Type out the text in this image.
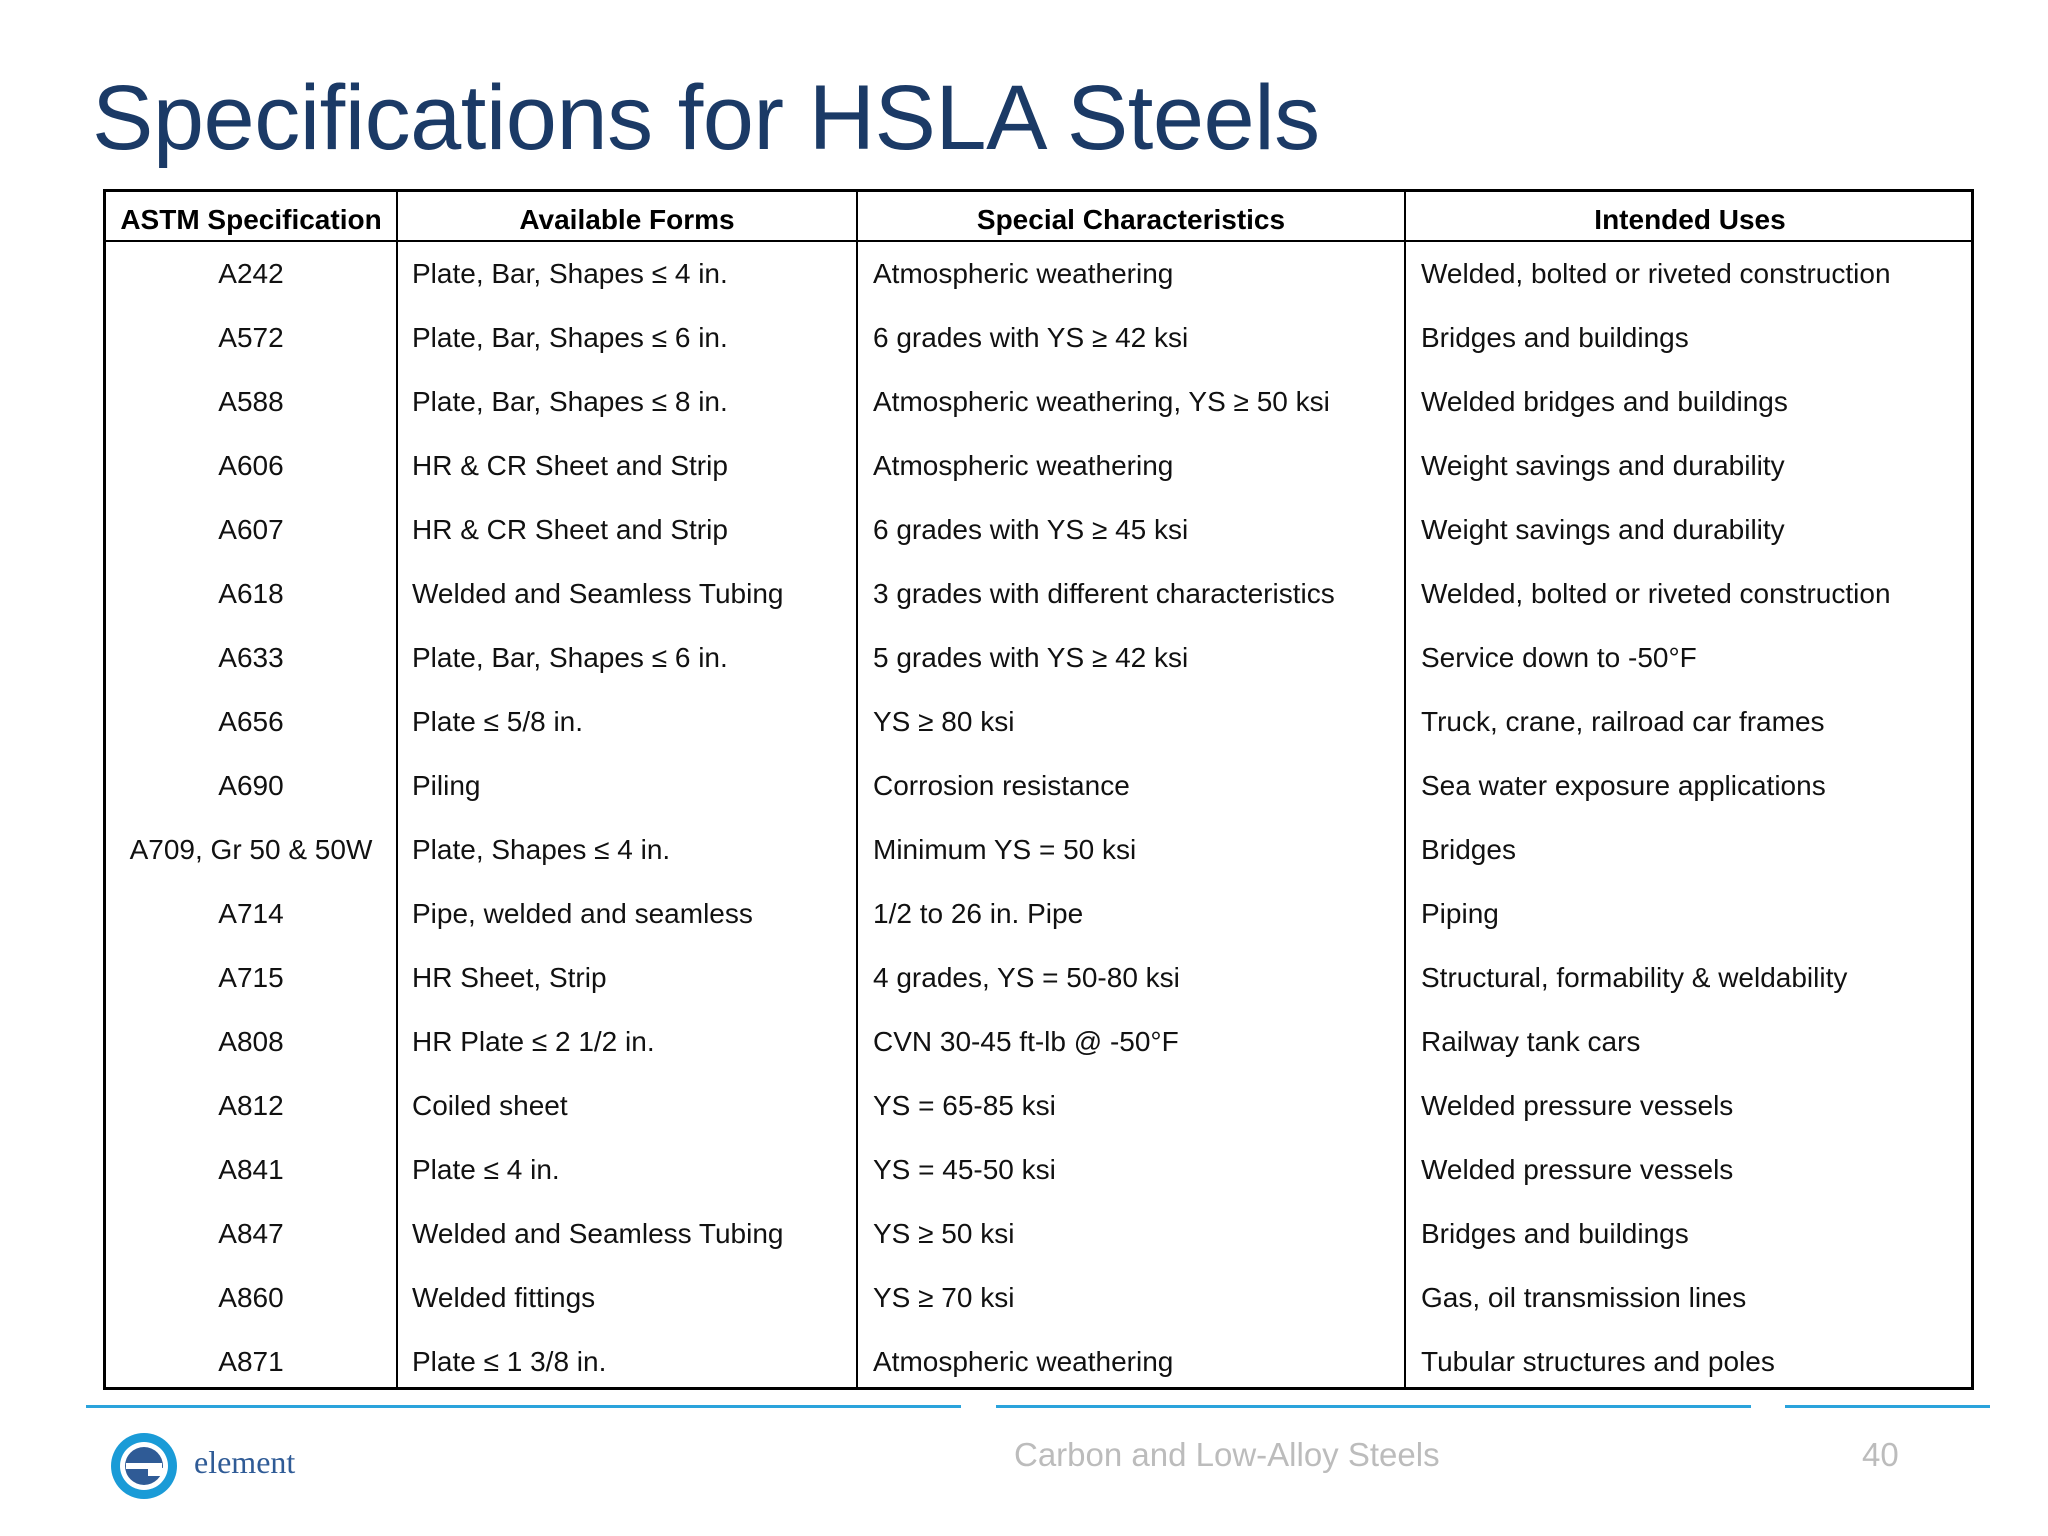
Specifications for HSLA Steels
ASTM Specification	Available Forms	Special Characteristics	Intended Uses
A242	Plate, Bar, Shapes ≤ 4 in.	Atmospheric weathering	Welded, bolted or riveted construction
A572	Plate, Bar, Shapes ≤ 6 in.	6 grades with YS ≥ 42 ksi	Bridges and buildings
A588	Plate, Bar, Shapes ≤ 8 in.	Atmospheric weathering, YS ≥ 50 ksi	Welded bridges and buildings
A606	HR & CR Sheet and Strip	Atmospheric weathering	Weight savings and durability
A607	HR & CR Sheet and Strip	6 grades with YS ≥ 45 ksi	Weight savings and durability
A618	Welded and Seamless Tubing	3 grades with different characteristics	Welded, bolted or riveted construction
A633	Plate, Bar, Shapes ≤ 6 in.	5 grades with YS ≥ 42 ksi	Service down to -50°F
A656	Plate ≤ 5/8 in.	YS ≥ 80 ksi	Truck, crane, railroad car frames
A690	Piling	Corrosion resistance	Sea water exposure applications
A709, Gr 50 & 50W	Plate, Shapes ≤ 4 in.	Minimum YS = 50 ksi	Bridges
A714	Pipe, welded and seamless	1/2 to 26 in. Pipe	Piping
A715	HR Sheet, Strip	4 grades, YS = 50-80 ksi	Structural, formability & weldability
A808	HR Plate ≤ 2 1/2 in.	CVN 30-45 ft-lb @ -50°F	Railway tank cars
A812	Coiled sheet	YS = 65-85 ksi	Welded pressure vessels
A841	Plate ≤ 4 in.	YS = 45-50 ksi	Welded pressure vessels
A847	Welded and Seamless Tubing	YS ≥ 50 ksi	Bridges and buildings
A860	Welded fittings	YS ≥ 70 ksi	Gas, oil transmission lines
A871	Plate ≤ 1 3/8 in.	Atmospheric weathering	Tubular structures and poles
element	Carbon and Low-Alloy Steels	40
